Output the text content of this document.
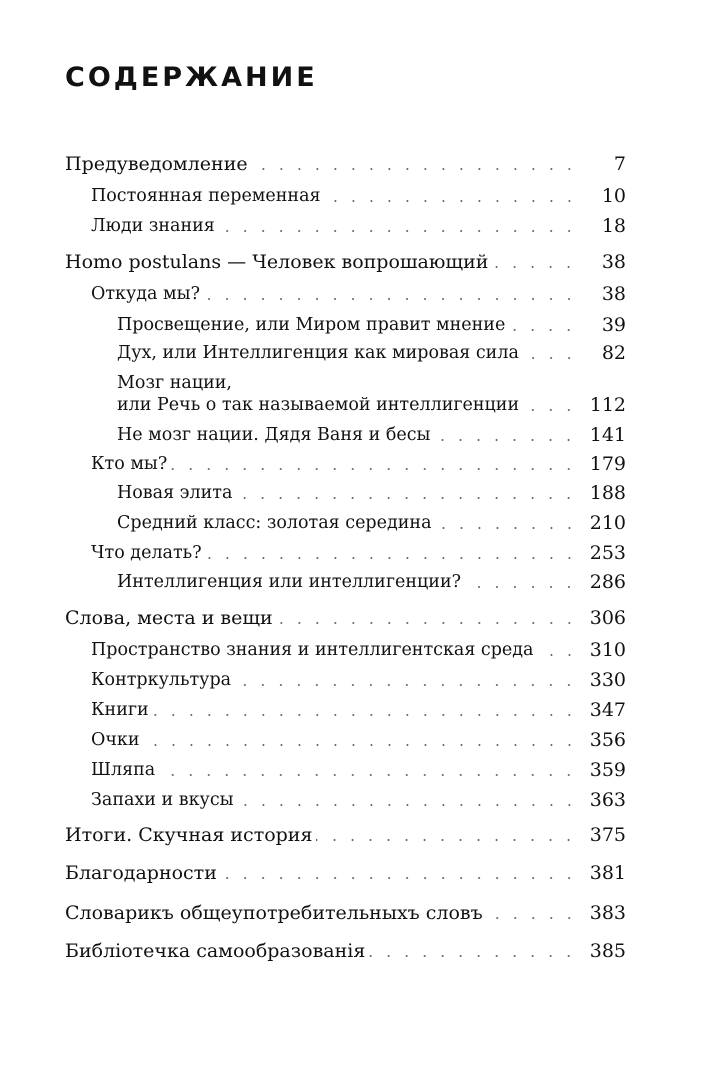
СОДЕРЖАНИЕ
Предуведомление	7
Постоянная переменная	10
Люди знания	18
Homo postulans — Человек вопрошающий	38
Откуда мы?	38
Просвещение, или Миром правит мнение	39
Дух, или Интеллигенция как мировая сила	82
Мозг нации,
или Речь о так называемой интеллигенции	112
Не мозг нации. Дядя Ваня и бесы	141
Кто мы?	179
Новая элита	188
Средний класс: золотая середина	210
Что делать?	253
Интеллигенция или интеллигенции?	286
Слова, места и вещи	306
Пространство знания и интеллигентская среда	310
Контркультура	330
Книги	347
Очки	356
Шляпа	359
Запахи и вкусы	363
Итоги. Скучная история	375
Благодарности	381
Словарикъ общеупотребительныхъ словъ	383
Библіотечка самообразованія	385
